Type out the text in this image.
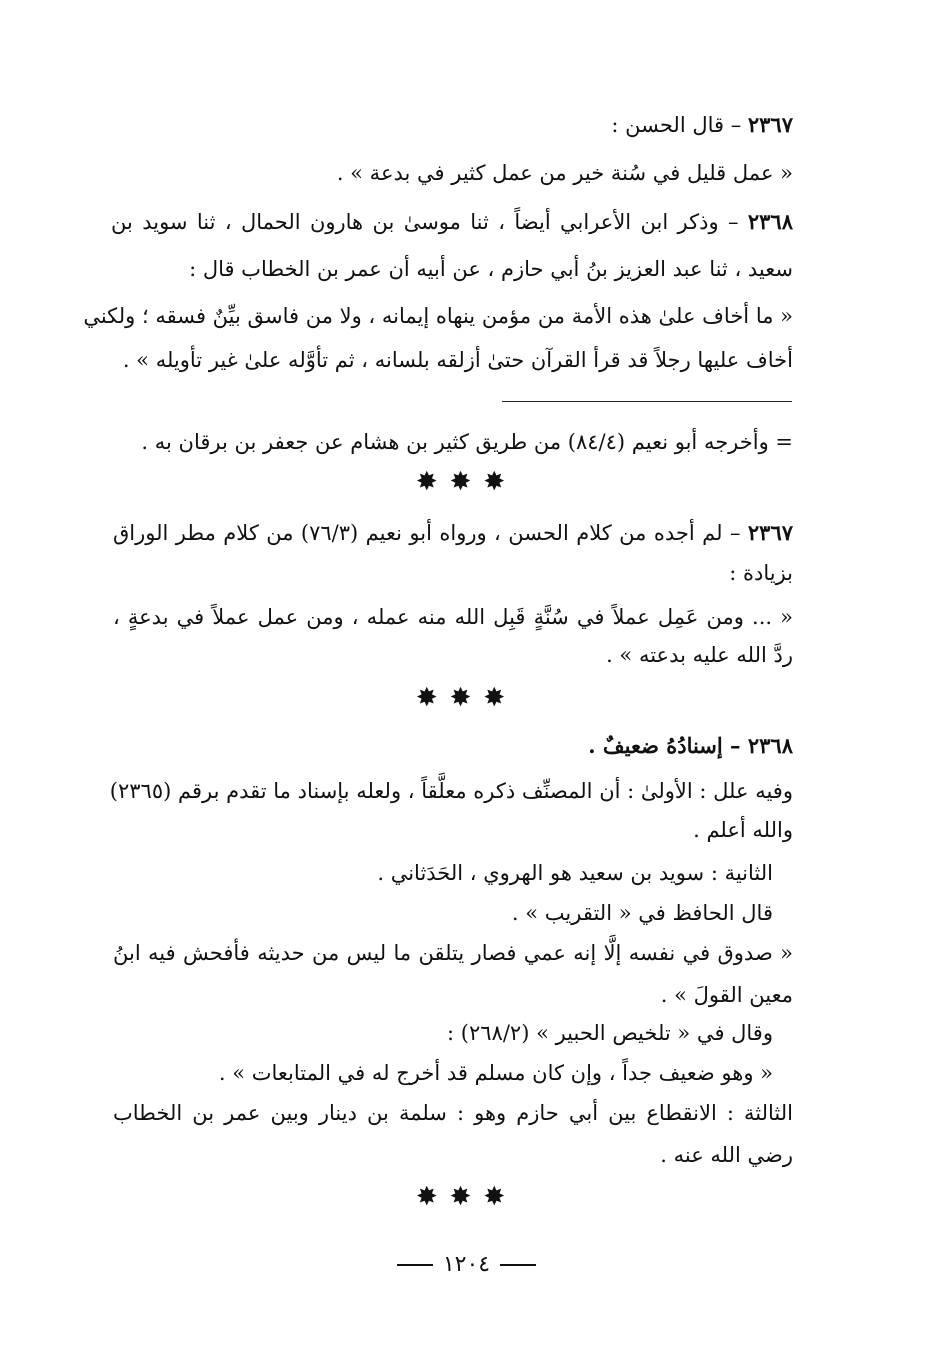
٢٣٦٧ – قال الحسن :
« عمل قليل في سُنة خير من عمل كثير في بدعة » .
٢٣٦٨ – وذكر ابن الأعرابي أيضاً ، ثنا موسىٰ بن هارون الحمال ، ثنا سويد بن
سعيد ، ثنا عبد العزيز بنُ أبي حازم ، عن أبيه أن عمر بن الخطاب قال :
« ما أخاف علىٰ هذه الأمة من مؤمن ينهاه إيمانه ، ولا من فاسق بيِّنٌ فسقه ؛ ولكني
أخاف عليها رجلاً قد قرأ القرآن حتىٰ أزلقه بلسانه ، ثم تأوَّله علىٰ غير تأويله » .
= وأخرجه أبو نعيم (٨٤/٤) من طريق كثير بن هشام عن جعفر بن برقان به .
✸✸✸
٢٣٦٧ – لم أجده من كلام الحسن ، ورواه أبو نعيم (٧٦/٣) من كلام مطر الوراق
بزيادة :
« ... ومن عَمِل عملاً في سُنَّةٍ قَبِل الله منه عمله ، ومن عمل عملاً في بدعةٍ ،
ردَّ الله عليه بدعته » .
✸✸✸
٢٣٦٨ – إسنادُهُ ضعيفٌ .
وفيه علل : الأولىٰ : أن المصنِّف ذكره معلَّقاً ، ولعله بإسناد ما تقدم برقم (٢٣٦٥)
والله أعلم .
الثانية : سويد بن سعيد هو الهروي ، الحَدَثاني .
قال الحافظ في « التقريب » .
« صدوق في نفسه إلَّا إنه عمي فصار يتلقن ما ليس من حديثه فأفحش فيه ابنُ
معين القولَ » .
وقال في « تلخيص الحبير » (٢٦٨/٢) :
« وهو ضعيف جداً ، وإن كان مسلم قد أخرج له في المتابعات » .
الثالثة : الانقطاع بين أبي حازم وهو : سلمة بن دينار وبين عمر بن الخطاب
رضي الله عنه .
✸✸✸
١٢٠٤
